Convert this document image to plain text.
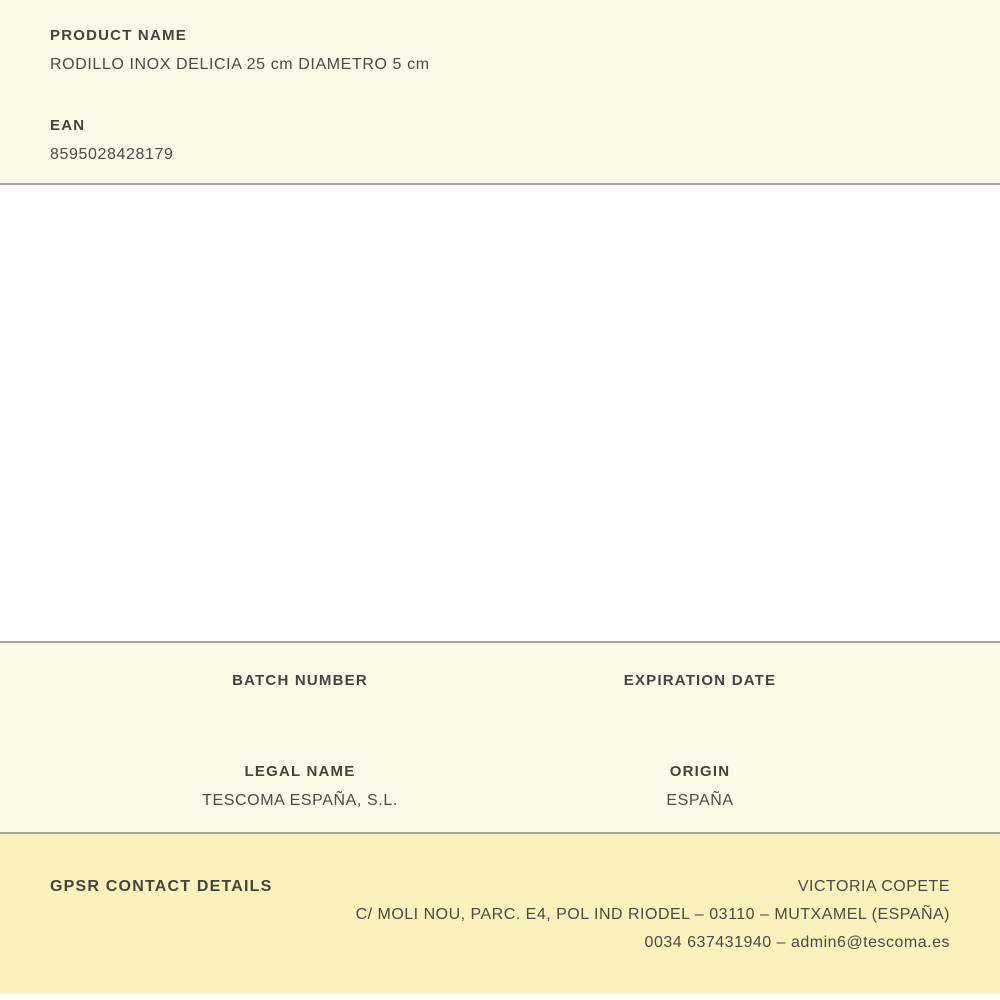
PRODUCT NAME
RODILLO INOX DELICIA 25 cm DIAMETRO 5 cm
EAN
8595028428179
BATCH NUMBER	EXPIRATION DATE
LEGAL NAME
TESCOMA ESPAÑA, S.L.
ORIGIN
ESPAÑA
GPSR CONTACT DETAILS	VICTORIA COPETE
C/ MOLI NOU, PARC. E4, POL IND RIODEL – 03110 – MUTXAMEL (ESPAÑA)
0034 637431940 – admin6@tescoma.es
